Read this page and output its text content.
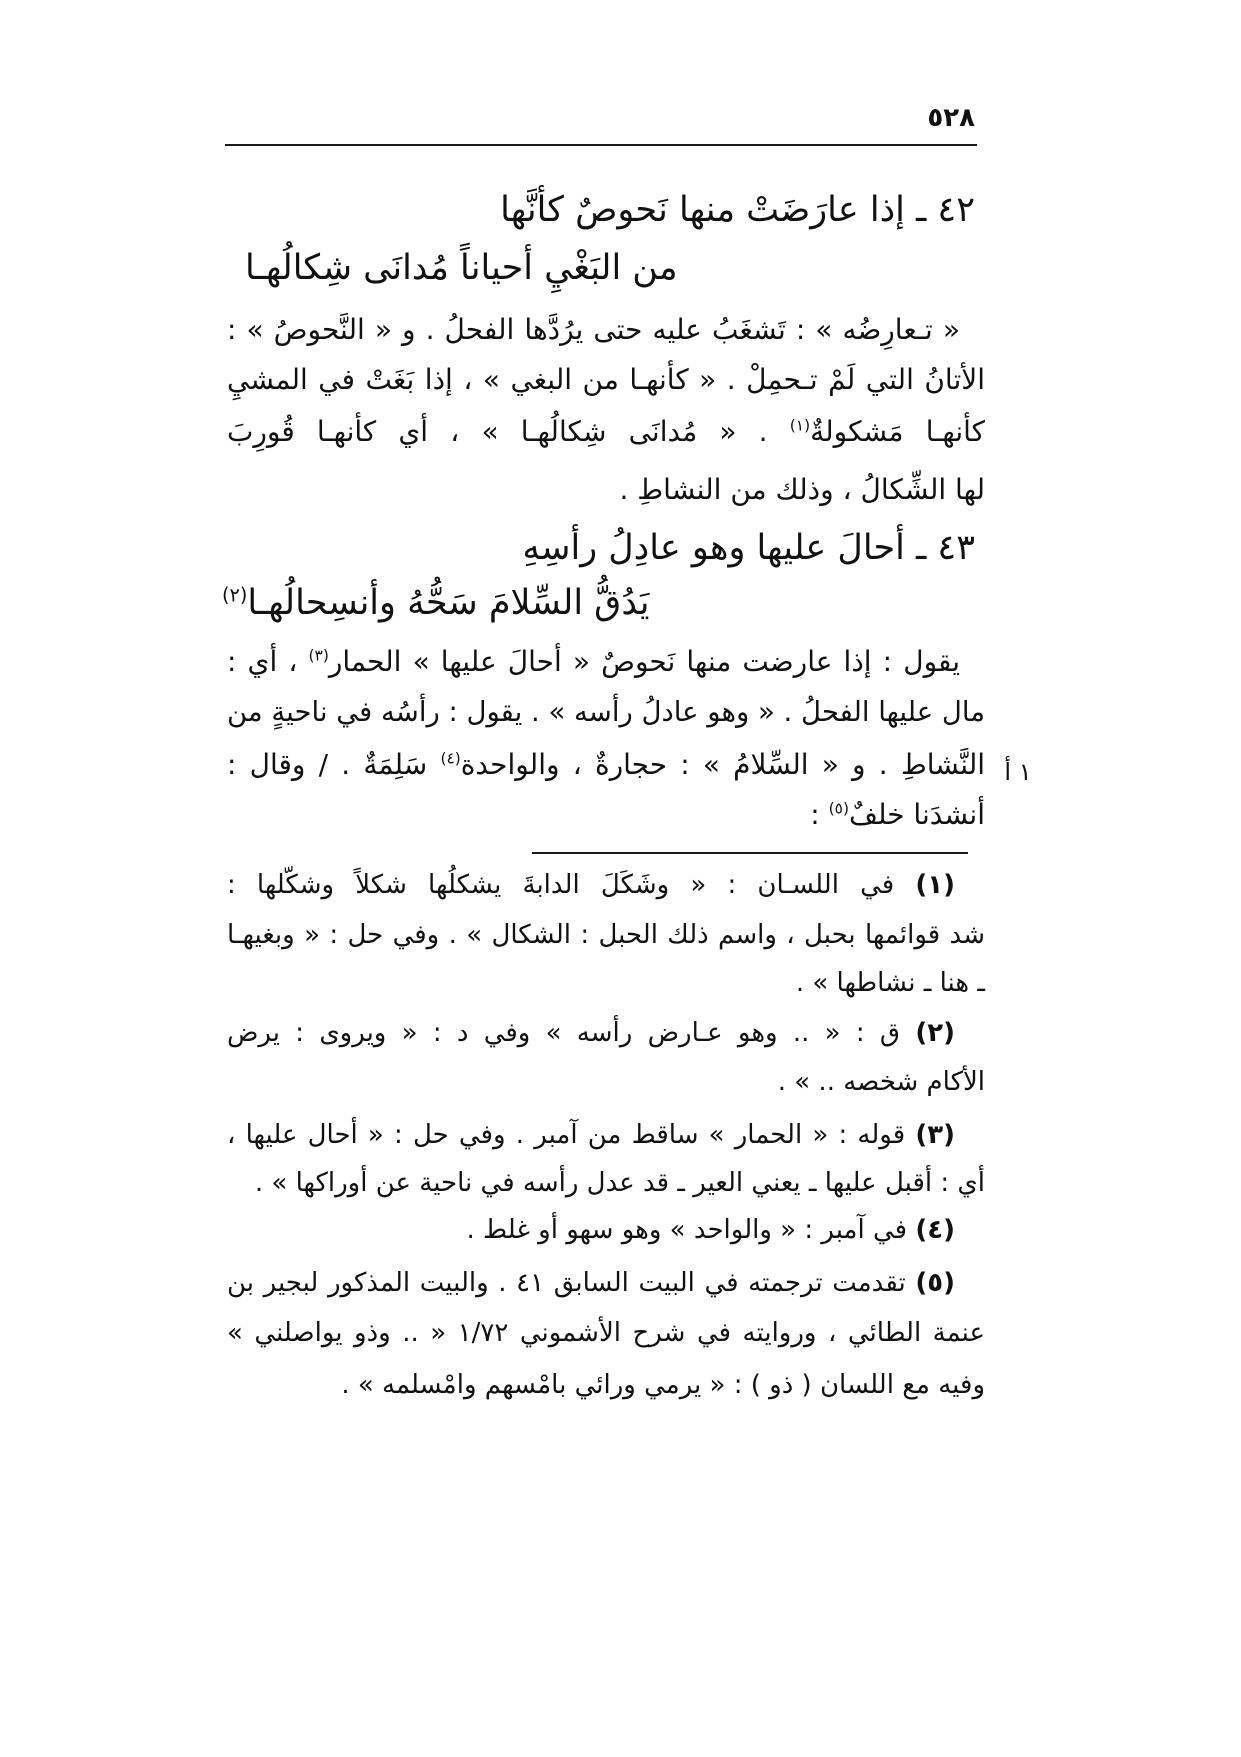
٥٢٨
١ أ
٤٢ ـ إذا عارَضَتْ منها نَحوصٌ كأنَّها
من البَغْيِ أحياناً مُدانَى شِكالُهـا
« تـعارِضُه » : تَشغَبُ عليه حتى يرُدَّها الفحلُ . و « النَّحوصُ » :
الأتانُ التي لَمْ تـحمِلْ . « كأنهـا من البغي » ، إذا بَغَتْ في المشيِ
كأنهـا مَشكولةٌ$^{(١)}$ . « مُدانَى شِكالُهـا » ، أي كأنهـا قُورِبَ
لها الشِّكالُ ، وذلك من النشاطِ .
٤٣ ـ أحالَ عليها وهو عادِلُ رأسِهِ
يَدُقُّ السِّلامَ سَحُّهُ وأنسِحالُهـا$^{(٢)}$
يقول : إذا عارضت منها نَحوصٌ « أحالَ عليها » الحمار$^{(٣)}$ ، أي :
مال عليها الفحلُ . « وهو عادلُ رأسه » . يقول : رأسُه في ناحيةٍ من
النَّشاطِ . و « السِّلامُ » : حجارةٌ ، والواحدة$^{(٤)}$ سَلِمَةٌ . / وقال :
أنشدَنا خلفٌ$^{(٥)}$ :
(١) في اللسـان : « وشَكَلَ الدابةَ يشكلُها شكلاً وشكّلها :
شد قوائمها بحبل ، واسم ذلك الحبل : الشكال » . وفي حل : « وبغيهـا
ـ هنا ـ نشاطها » .
(٢) ق : « .. وهو عـارض رأسه » وفي د : « ويروى : يرض
الأكام شخصه .. » .
(٣) قوله : « الحمار » ساقط من آمبر . وفي حل : « أحال عليها ،
أي : أقبل عليها ـ يعني العير ـ قد عدل رأسه في ناحية عن أوراكها » .
(٤) في آمبر : « والواحد » وهو سهو أو غلط .
(٥) تقدمت ترجمته في البيت السابق ٤١ . والبيت المذكور لبجير بن
عنمة الطائي ، وروايته في شرح الأشموني ١/٧٢ « .. وذو يواصلني »
وفيه مع اللسان ( ذو ) : « يرمي ورائي بامْسهم وامْسلمه » .
